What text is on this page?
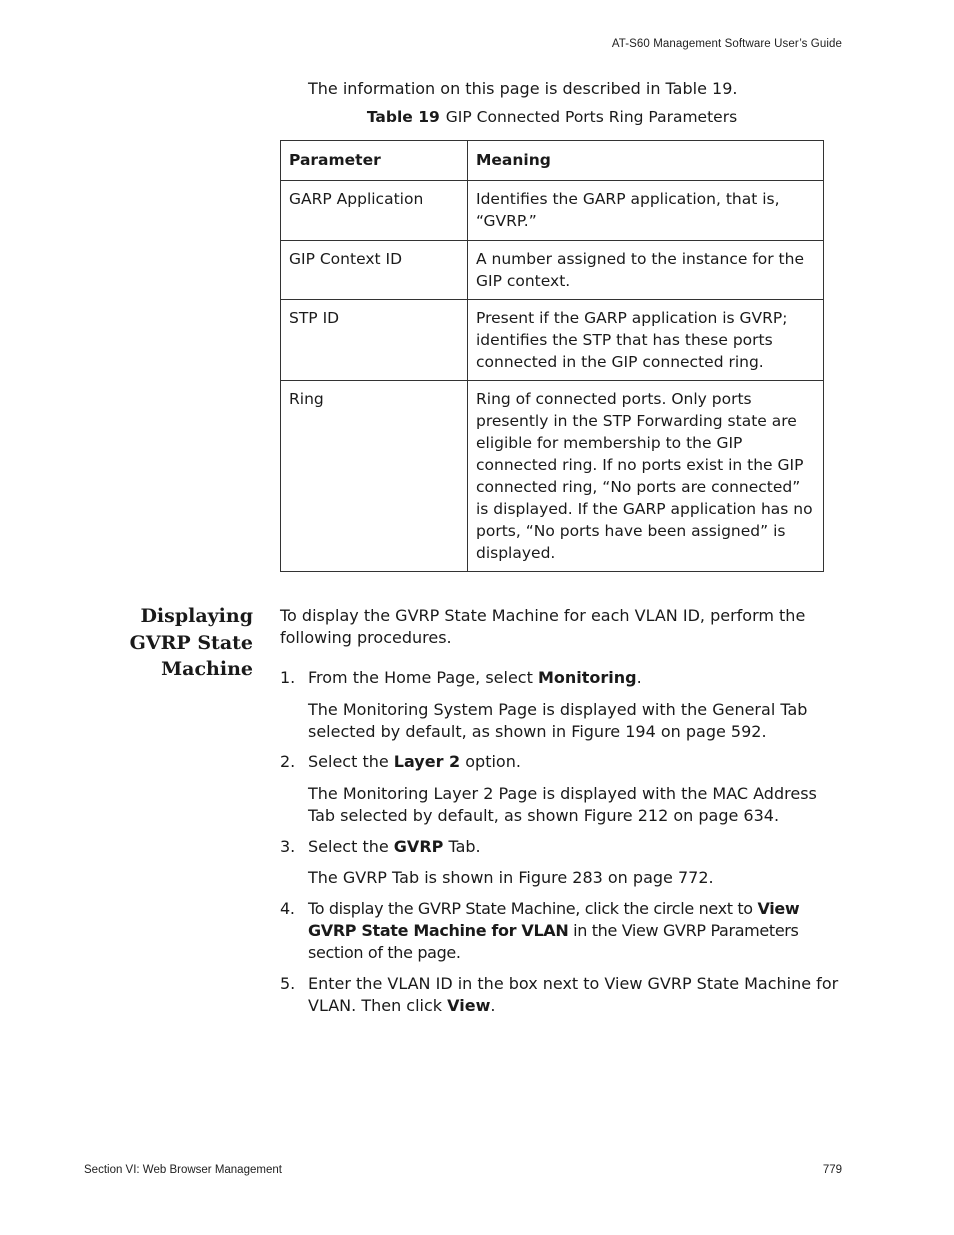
AT-S60 Management Software User’s Guide
The information on this page is described in Table 19.
Table 19 GIP Connected Ports Ring Parameters
Parameter	Meaning
GARP Application	Identifies the GARP application, that is, “GVRP.”
GIP Context ID	A number assigned to the instance for the GIP context.
STP ID	Present if the GARP application is GVRP; identifies the STP that has these ports connected in the GIP connected ring.
Ring	Ring of connected ports. Only ports presently in the STP Forwarding state are eligible for membership to the GIP connected ring. If no ports exist in the GIP connected ring, “No ports are connected” is displayed. If the GARP application has no ports, “No ports have been assigned” is displayed.
Displaying
GVRP State
Machine
To display the GVRP State Machine for each VLAN ID, perform the following procedures.
1. From the Home Page, select Monitoring.
The Monitoring System Page is displayed with the General Tab selected by default, as shown in Figure 194 on page 592.
2. Select the Layer 2 option.
The Monitoring Layer 2 Page is displayed with the MAC Address Tab selected by default, as shown Figure 212 on page 634.
3. Select the GVRP Tab.
The GVRP Tab is shown in Figure 283 on page 772.
4. To display the GVRP State Machine, click the circle next to View GVRP State Machine for VLAN in the View GVRP Parameters section of the page.
5. Enter the VLAN ID in the box next to View GVRP State Machine for VLAN. Then click View.
Section VI: Web Browser Management	779
